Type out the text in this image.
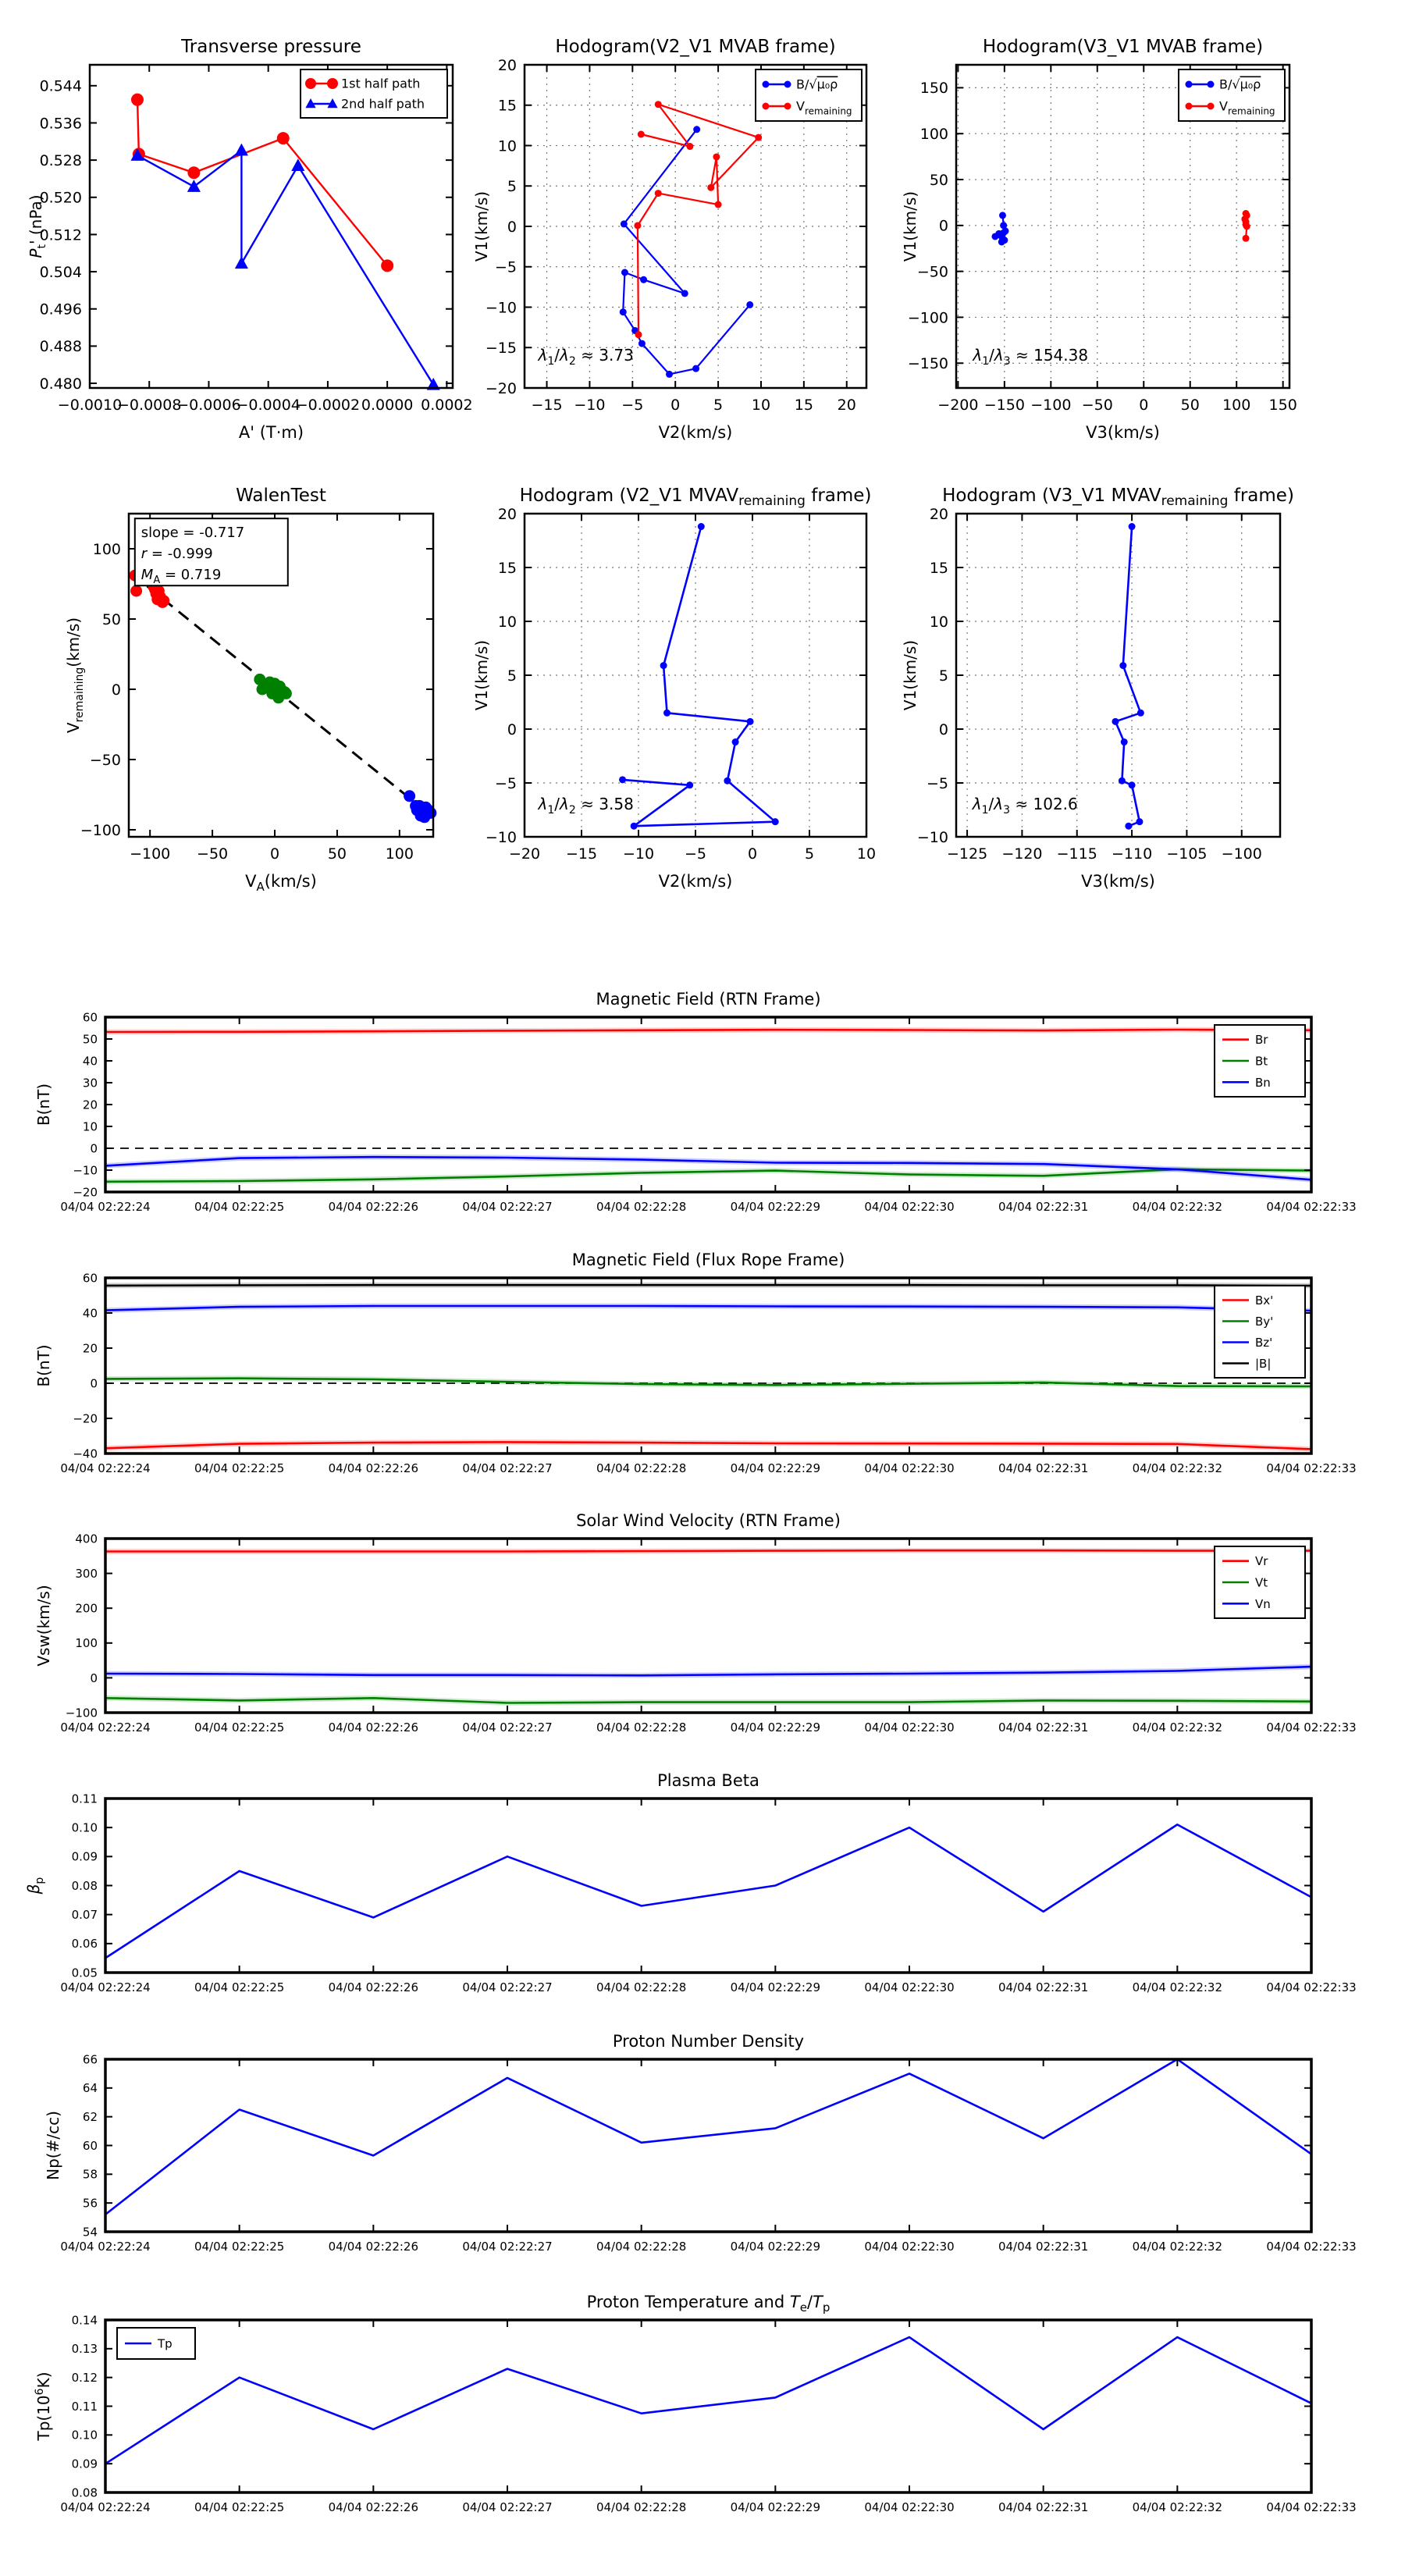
−0.0010
−0.0008
−0.0006
−0.0004
−0.0002 0.0000 0.0002
0.480
0.488
0.496
0.504
0.512
0.520
0.528
0.536
0.544
Transverse pressure
A' (T·m)
$P_t'$ (nPa)
1st half path
2nd half path
−15 −10 −5 0 5 10 15 20
−20
−15
−10
−5
0
5
10
15
20
Hodogram(V2_V1 MVAB frame)
V2(km/s)
V1(km/s)
B/√μ₀ρ
$V_{remaining}$
$\lambda_1/\lambda_2 \approx 3.73$
−200 −150 −100 −50 0 50 100 150
−150
−100
−50
0
50
100
150
Hodogram(V3_V1 MVAB frame)
V3(km/s)
V1(km/s)
B/√μ₀ρ
$V_{remaining}$
$\lambda_1/\lambda_3 \approx 154.38$
−100 −50	0	50	100
−100
−50
0
50
100
WalenTest
$V_A(km/s)$
$V_{remaining}(km/s)$
slope = -0.717
r = -0.999
$M_A = 0.719$
−20 −15 −10 −5	0	5	10
−10
−5
0
5
10
15
20
Hodogram (V2_V1 $MVAV_{remaining}$ frame)
V2(km/s)
V1(km/s)
$\lambda_1/\lambda_2 \approx 3.58$
−125 −120 −115 −110 −105 −100
−10
−5
0
5
10
15
20
Hodogram (V3_V1 $MVAV_{remaining}$ frame)
V3(km/s)
V1(km/s)
$\lambda_1/\lambda_3 \approx 102.6$
04/04 02:22:24	04/04 02:22:25	04/04 02:22:26	04/04 02:22:27	04/04 02:22:28	04/04 02:22:29	04/04 02:22:30	04/04 02:22:31	04/04 02:22:32	04/04 02:22:33
−20
−10
0
10
20
30
40
50
60
Magnetic Field (RTN Frame)
B(nT)
Br
Bt
Bn
04/04 02:22:24	04/04 02:22:25	04/04 02:22:26	04/04 02:22:27	04/04 02:22:28	04/04 02:22:29	04/04 02:22:30	04/04 02:22:31	04/04 02:22:32	04/04 02:22:33
−40
−20
0
20
40
60
Magnetic Field (Flux Rope Frame)
B(nT)
Bx'
By'
Bz'
|B|
04/04 02:22:24	04/04 02:22:25	04/04 02:22:26	04/04 02:22:27	04/04 02:22:28	04/04 02:22:29	04/04 02:22:30	04/04 02:22:31	04/04 02:22:32	04/04 02:22:33
−100
0
100
200
300
400
Solar Wind Velocity (RTN Frame)
Vsw(km/s)
Vr
Vt
Vn
04/04 02:22:24	04/04 02:22:25	04/04 02:22:26	04/04 02:22:27	04/04 02:22:28	04/04 02:22:29	04/04 02:22:30	04/04 02:22:31	04/04 02:22:32	04/04 02:22:33
0.05
0.06
0.07
0.08
0.09
0.10
0.11
Plasma Beta
$\beta_p$
04/04 02:22:24	04/04 02:22:25	04/04 02:22:26	04/04 02:22:27	04/04 02:22:28	04/04 02:22:29	04/04 02:22:30	04/04 02:22:31	04/04 02:22:32	04/04 02:22:33
54
56
58
60
62
64
66
Proton Number Density
Np(#/cc)
04/04 02:22:24	04/04 02:22:25	04/04 02:22:26	04/04 02:22:27	04/04 02:22:28	04/04 02:22:29	04/04 02:22:30	04/04 02:22:31	04/04 02:22:32	04/04 02:22:33
0.08
0.09
0.10
0.11
0.12
0.13
0.14
Proton Temperature and $T_e/T_p$
$Tp(10^6K)$
Tp
